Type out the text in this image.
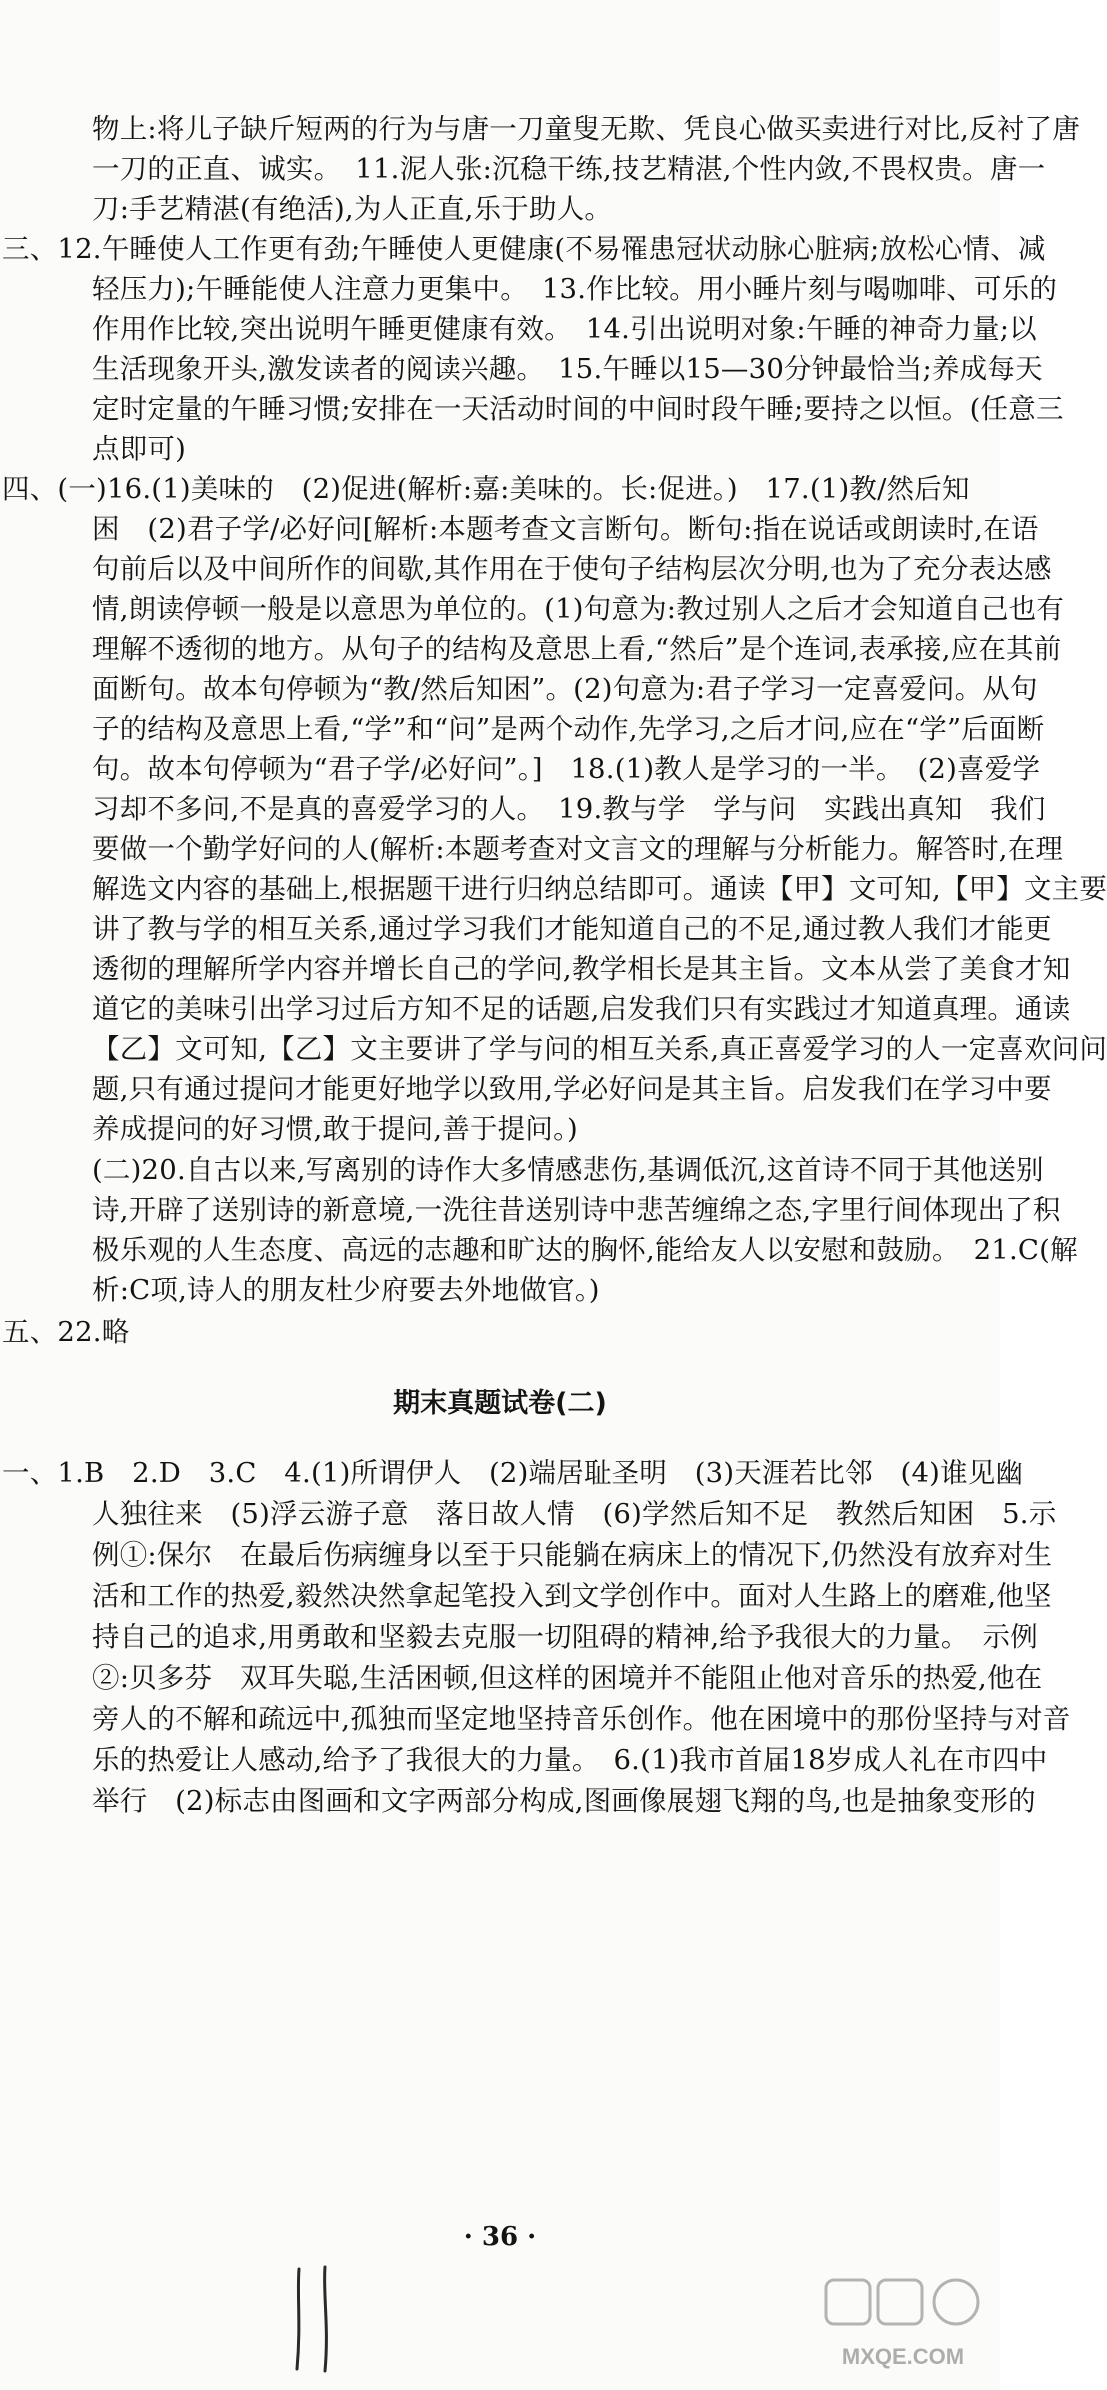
物上:将儿子缺斤短两的行为与唐一刀童叟无欺、凭良心做买卖进行对比,反衬了唐
一刀的正直、诚实。　11.泥人张:沉稳干练,技艺精湛,个性内敛,不畏权贵。唐一
刀:手艺精湛(有绝活),为人正直,乐于助人。
三、12.午睡使人工作更有劲;午睡使人更健康(不易罹患冠状动脉心脏病;放松心情、减
轻压力);午睡能使人注意力更集中。　13.作比较。用小睡片刻与喝咖啡、可乐的
作用作比较,突出说明午睡更健康有效。　14.引出说明对象:午睡的神奇力量;以
生活现象开头,激发读者的阅读兴趣。　15.午睡以15—30分钟最恰当;养成每天
定时定量的午睡习惯;安排在一天活动时间的中间时段午睡;要持之以恒。(任意三
点即可)
四、(一)16.(1)美味的　(2)促进(解析:嘉:美味的。长:促进。)　17.(1)教/然后知
困　(2)君子学/必好问[解析:本题考查文言断句。断句:指在说话或朗读时,在语
句前后以及中间所作的间歇,其作用在于使句子结构层次分明,也为了充分表达感
情,朗读停顿一般是以意思为单位的。(1)句意为:教过别人之后才会知道自己也有
理解不透彻的地方。从句子的结构及意思上看,“然后”是个连词,表承接,应在其前
面断句。故本句停顿为“教/然后知困”。(2)句意为:君子学习一定喜爱问。从句
子的结构及意思上看,“学”和“问”是两个动作,先学习,之后才问,应在“学”后面断
句。故本句停顿为“君子学/必好问”。]　18.(1)教人是学习的一半。　(2)喜爱学
习却不多问,不是真的喜爱学习的人。　19.教与学　学与问　实践出真知　我们
要做一个勤学好问的人(解析:本题考查对文言文的理解与分析能力。解答时,在理
解选文内容的基础上,根据题干进行归纳总结即可。通读【甲】文可知,【甲】文主要
讲了教与学的相互关系,通过学习我们才能知道自己的不足,通过教人我们才能更
透彻的理解所学内容并增长自己的学问,教学相长是其主旨。文本从尝了美食才知
道它的美味引出学习过后方知不足的话题,启发我们只有实践过才知道真理。通读
【乙】文可知,【乙】文主要讲了学与问的相互关系,真正喜爱学习的人一定喜欢问问
题,只有通过提问才能更好地学以致用,学必好问是其主旨。启发我们在学习中要
养成提问的好习惯,敢于提问,善于提问。)
(二)20.自古以来,写离别的诗作大多情感悲伤,基调低沉,这首诗不同于其他送别
诗,开辟了送别诗的新意境,一洗往昔送别诗中悲苦缠绵之态,字里行间体现出了积
极乐观的人生态度、高远的志趣和旷达的胸怀,能给友人以安慰和鼓励。　21.C(解
析:C项,诗人的朋友杜少府要去外地做官。)
五、22.略
期末真题试卷(二)
一、1.B　2.D　3.C　4.(1)所谓伊人　(2)端居耻圣明　(3)天涯若比邻　(4)谁见幽
人独往来　(5)浮云游子意　落日故人情　(6)学然后知不足　教然后知困　5.示
例①:保尔　在最后伤病缠身以至于只能躺在病床上的情况下,仍然没有放弃对生
活和工作的热爱,毅然决然拿起笔投入到文学创作中。面对人生路上的磨难,他坚
持自己的追求,用勇敢和坚毅去克服一切阻碍的精神,给予我很大的力量。　示例
②:贝多芬　双耳失聪,生活困顿,但这样的困境并不能阻止他对音乐的热爱,他在
旁人的不解和疏远中,孤独而坚定地坚持音乐创作。他在困境中的那份坚持与对音
乐的热爱让人感动,给予了我很大的力量。　6.(1)我市首届18岁成人礼在市四中
举行　(2)标志由图画和文字两部分构成,图画像展翅飞翔的鸟,也是抽象变形的
· 36 ·
MXQE.COM
